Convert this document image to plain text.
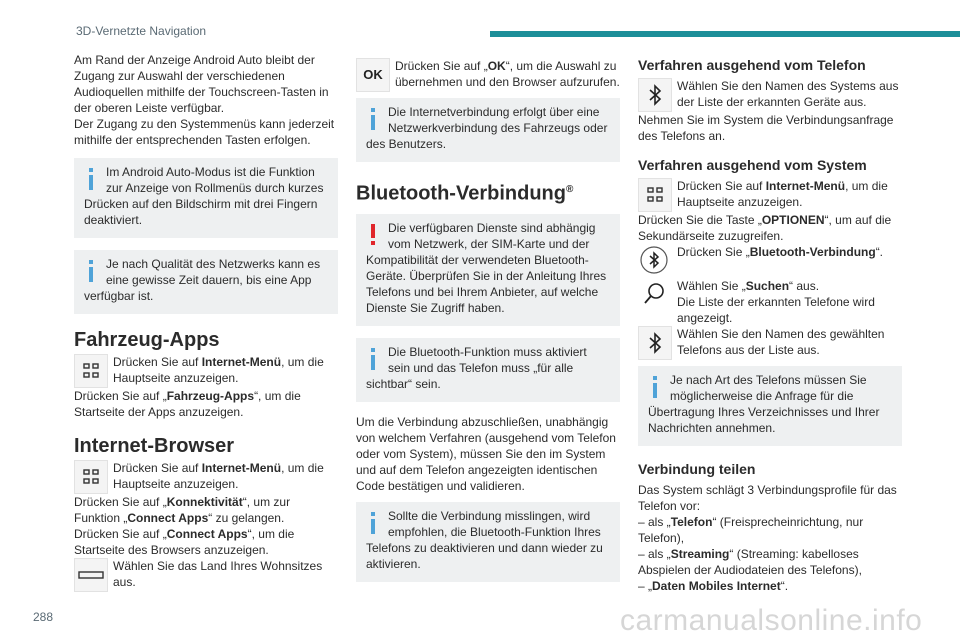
3D-Vernetzte Navigation

Am Rand der Anzeige Android Auto bleibt der Zugang zur Auswahl der verschiedenen Audioquellen mithilfe der Touchscreen-Tasten in der oberen Leiste verfügbar.

Der Zugang zu den Systemmenüs kann jederzeit mithilfe der entsprechenden Tasten erfolgen.

Im Android Auto-Modus ist die Funktion zur Anzeige von Rollmenüs durch kurzes Drücken auf den Bildschirm mit drei Fingern deaktiviert.
Je nach Qualität des Netzwerks kann es eine gewisse Zeit dauern, bis eine App verfügbar ist.
Fahrzeug-Apps
Drücken Sie auf Internet-Menü, um die Hauptseite anzuzeigen.

Drücken Sie auf „Fahrzeug-Apps“, um die Startseite der Apps anzuzeigen.

Internet-Browser
Drücken Sie auf Internet-Menü, um die Hauptseite anzuzeigen.

Drücken Sie auf „Konnektivität“, um zur Funktion „Connect Apps“ zu gelangen.

Drücken Sie auf „Connect Apps“, um die Startseite des Browsers anzuzeigen.

Wählen Sie das Land Ihres Wohnsitzes aus.
OK
Drücken Sie auf „OK“, um die Auswahl zu übernehmen und den Browser aufzurufen.
Die Internetverbindung erfolgt über eine Netzwerkverbindung des Fahrzeugs oder des Benutzers.
Bluetooth-Verbindung®
Die verfügbaren Dienste sind abhängig vom Netzwerk, der SIM-Karte und der Kompatibilität der verwendeten Bluetooth-Geräte. Überprüfen Sie in der Anleitung Ihres Telefons und bei Ihrem Anbieter, auf welche Dienste Sie Zugriff haben.
Die Bluetooth-Funktion muss aktiviert sein und das Telefon muss „für alle sichtbar“ sein.

Um die Verbindung abzuschließen, unabhängig von welchem Verfahren (ausgehend vom Telefon oder vom System), müssen Sie den im System und auf dem Telefon angezeigten identischen Code bestätigen und validieren.

Sollte die Verbindung misslingen, wird empfohlen, die Bluetooth-Funktion Ihres Telefons zu deaktivieren und dann wieder zu aktivieren.
Verfahren ausgehend vom Telefon
Wählen Sie den Namen des Systems aus der Liste der erkannten Geräte aus.

Nehmen Sie im System die Verbindungsanfrage des Telefons an.

Verfahren ausgehend vom System
Drücken Sie auf Internet-Menü, um die Hauptseite anzuzeigen.

Drücken Sie die Taste „OPTIONEN“, um auf die Sekundärseite zuzugreifen.

Drücken Sie „Bluetooth-Verbindung“.
Wählen Sie „Suchen“ aus.
Die Liste der erkannten Telefone wird angezeigt.
Wählen Sie den Namen des gewählten Telefons aus der Liste aus.
Je nach Art des Telefons müssen Sie möglicherweise die Anfrage für die Übertragung Ihres Verzeichnisses und Ihrer Nachrichten annehmen.
Verbindung teilen

Das System schlägt 3 Verbindungsprofile für das Telefon vor:

– als „Telefon“ (Freisprecheinrichtung, nur Telefon),

– als „Streaming“ (Streaming: kabelloses Abspielen der Audiodateien des Telefons),

– „Daten Mobiles Internet“.

288	carmanualsonline.info
